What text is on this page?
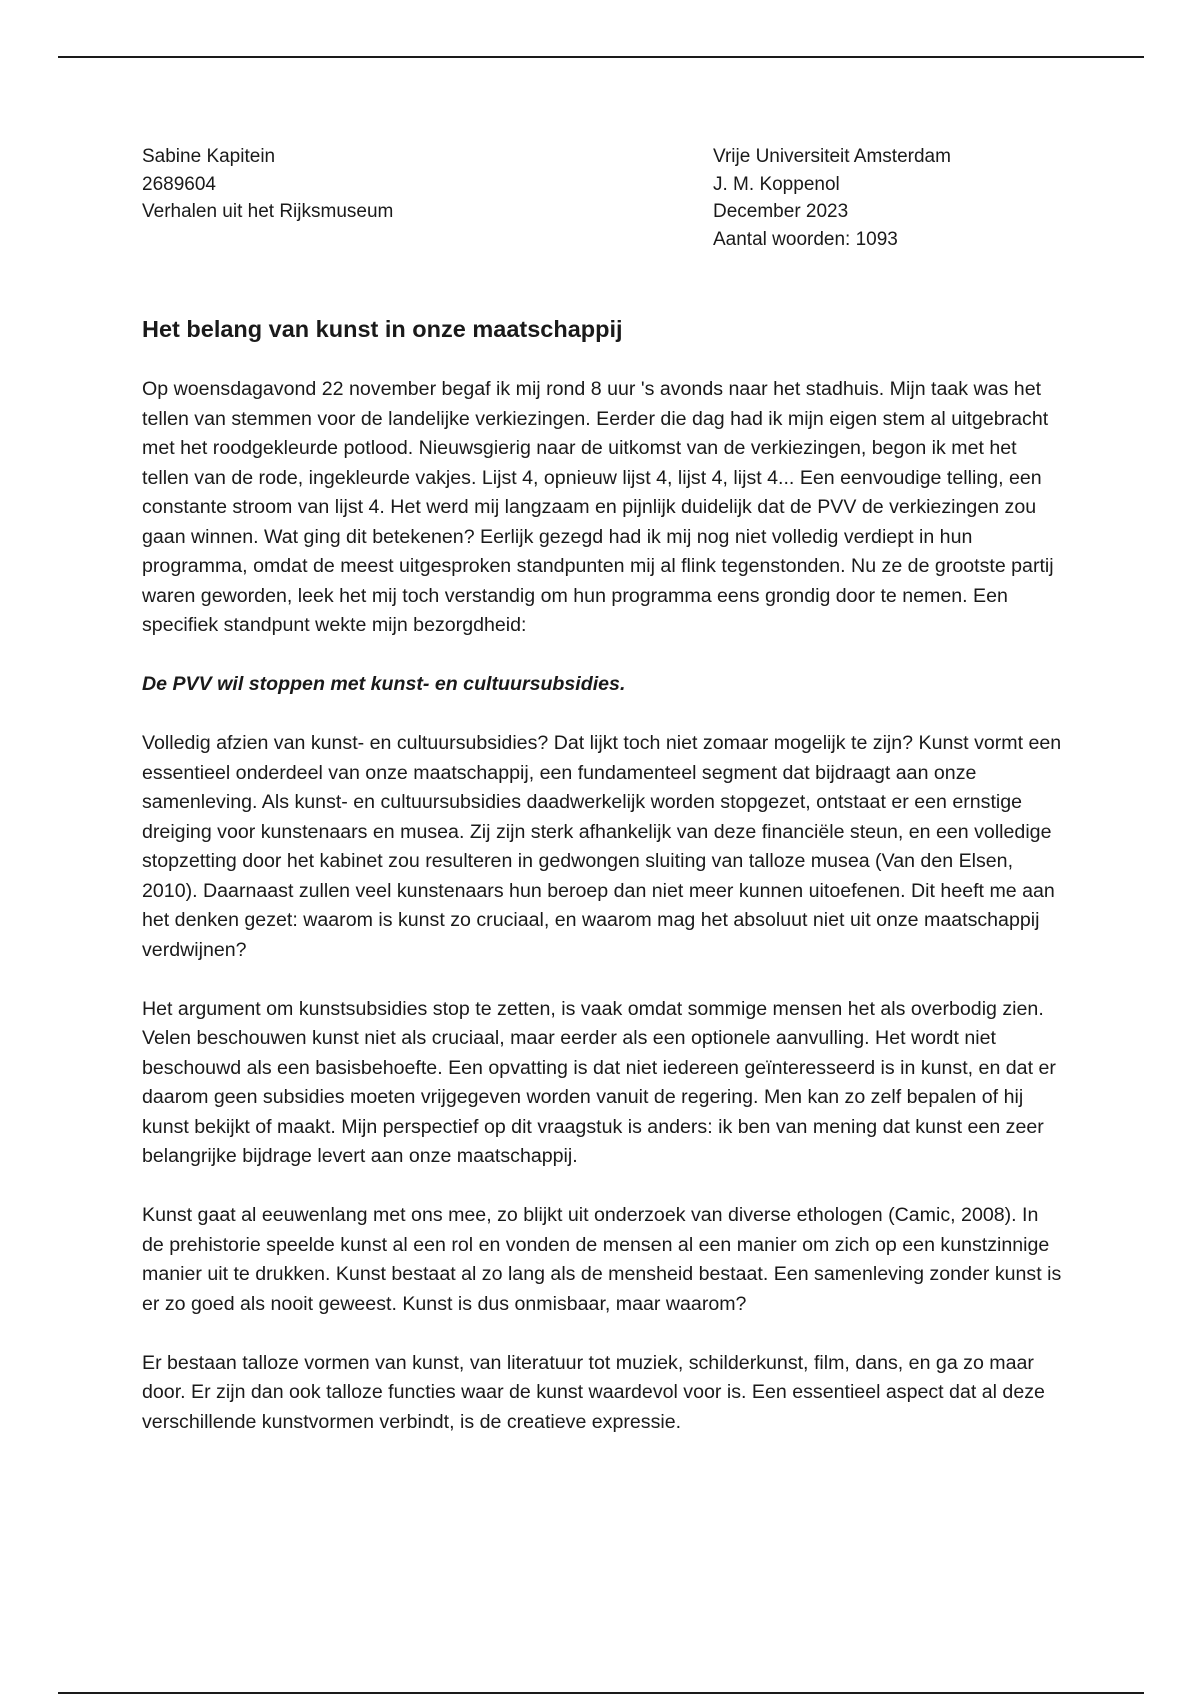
Sabine Kapitein
2689604
Verhalen uit het Rijksmuseum
Vrije Universiteit Amsterdam
J. M. Koppenol
December 2023
Aantal woorden: 1093
Het belang van kunst in onze maatschappij

Op woensdagavond 22 november begaf ik mij rond 8 uur 's avonds naar het stadhuis. Mijn taak was het tellen van stemmen voor de landelijke verkiezingen. Eerder die dag had ik mijn eigen stem al uitgebracht met het roodgekleurde potlood. Nieuwsgierig naar de uitkomst van de verkiezingen, begon ik met het tellen van de rode, ingekleurde vakjes. Lijst 4, opnieuw lijst 4, lijst 4, lijst 4... Een eenvoudige telling, een constante stroom van lijst 4. Het werd mij langzaam en pijnlijk duidelijk dat de PVV de verkiezingen zou gaan winnen. Wat ging dit betekenen? Eerlijk gezegd had ik mij nog niet volledig verdiept in hun programma, omdat de meest uitgesproken standpunten mij al flink tegenstonden. Nu ze de grootste partij waren geworden, leek het mij toch verstandig om hun programma eens grondig door te nemen. Een specifiek standpunt wekte mijn bezorgdheid:

De PVV wil stoppen met kunst- en cultuursubsidies.

Volledig afzien van kunst- en cultuursubsidies? Dat lijkt toch niet zomaar mogelijk te zijn? Kunst vormt een essentieel onderdeel van onze maatschappij, een fundamenteel segment dat bijdraagt aan onze samenleving. Als kunst- en cultuursubsidies daadwerkelijk worden stopgezet, ontstaat er een ernstige dreiging voor kunstenaars en musea. Zij zijn sterk afhankelijk van deze financiële steun, en een volledige stopzetting door het kabinet zou resulteren in gedwongen sluiting van talloze musea (Van den Elsen, 2010). Daarnaast zullen veel kunstenaars hun beroep dan niet meer kunnen uitoefenen. Dit heeft me aan het denken gezet: waarom is kunst zo cruciaal, en waarom mag het absoluut niet uit onze maatschappij verdwijnen?

Het argument om kunstsubsidies stop te zetten, is vaak omdat sommige mensen het als overbodig zien. Velen beschouwen kunst niet als cruciaal, maar eerder als een optionele aanvulling. Het wordt niet beschouwd als een basisbehoefte. Een opvatting is dat niet iedereen geïnteresseerd is in kunst, en dat er daarom geen subsidies moeten vrijgegeven worden vanuit de regering. Men kan zo zelf bepalen of hij kunst bekijkt of maakt. Mijn perspectief op dit vraagstuk is anders: ik ben van mening dat kunst een zeer belangrijke bijdrage levert aan onze maatschappij.

Kunst gaat al eeuwenlang met ons mee, zo blijkt uit onderzoek van diverse ethologen (Camic, 2008). In de prehistorie speelde kunst al een rol en vonden de mensen al een manier om zich op een kunstzinnige manier uit te drukken. Kunst bestaat al zo lang als de mensheid bestaat. Een samenleving zonder kunst is er zo goed als nooit geweest. Kunst is dus onmisbaar, maar waarom?

Er bestaan talloze vormen van kunst, van literatuur tot muziek, schilderkunst, film, dans, en ga zo maar door. Er zijn dan ook talloze functies waar de kunst waardevol voor is. Een essentieel aspect dat al deze verschillende kunstvormen verbindt, is de creatieve expressie.
